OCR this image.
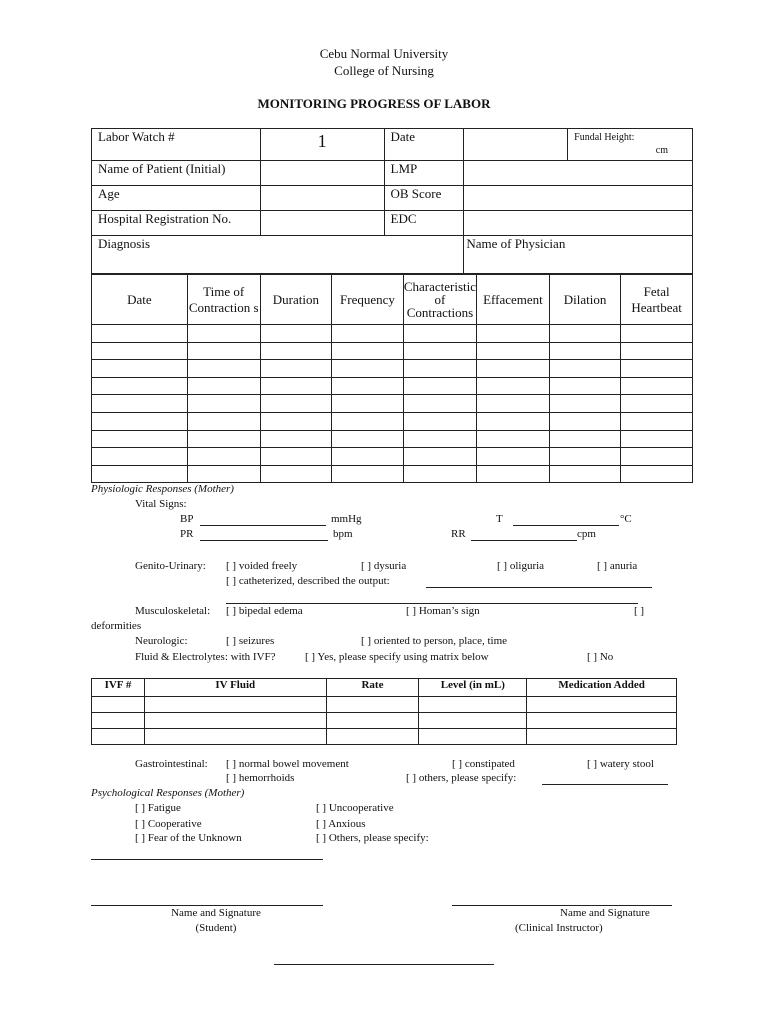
Cebu Normal University
College of Nursing
MONITORING PROGRESS OF LABOR
Labor Watch #	1	Date		Fundal Height:
cm

Name of Patient (Initial)		LMP		
Age		OB Score		
Hospital Registration No.		EDC		
Diagnosis			Name of Physician	
Date	Time of Contraction s	Duration	Frequency	Characteristic of Contractions	Effacement	Dilation	Fetal Heartbeat

Physiologic Responses (Mother)
Vital Signs:
BP	mmHg	T	°C
PR	bpm	RR	cpm
Genito-Urinary: [ ] voided freely	[ ] dysuria	[ ] oliguria	[ ] anuria
[ ] catheterized, described the output:
Musculoskeletal: [ ] bipedal edema	[ ] Homan’s sign	[ ]
deformities
Neurologic:	[ ] seizures	[ ] oriented to person, place, time
Fluid & Electrolytes: with IVF?	[ ] Yes, please specify using matrix below	[ ] No
IVF #	IV Fluid	Rate	Level (in mL)	Medication Added

Gastrointestinal: [ ] normal bowel movement	[ ] constipated	[ ] watery stool
[ ] hemorrhoids	[ ] others, please specify:
Psychological Responses (Mother)
[ ] Fatigue	[ ] Uncooperative
[ ] Cooperative	[ ] Anxious
[ ] Fear of the Unknown	[ ] Others, please specify:
Name and Signature
(Student)
Name and Signature
(Clinical Instructor)
